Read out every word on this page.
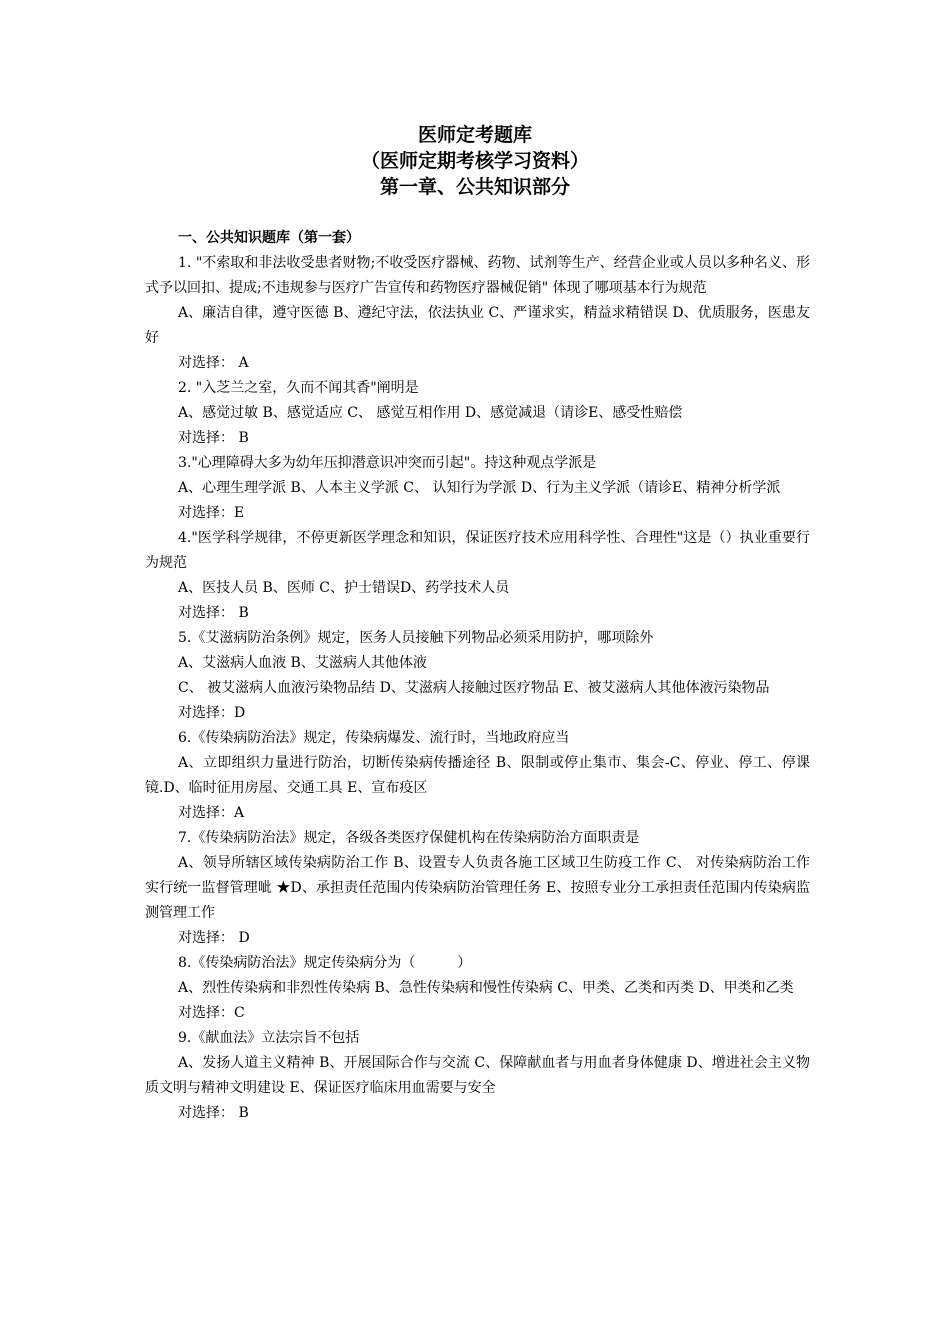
医师定考题库
（医师定期考核学习资料）
第一章、公共知识部分
一、公共知识题库（第一套）
1. "不索取和非法收受患者财物;不收受医疗器械、药物、试剂等生产、经营企业或人员以多种名义、形式予以回扣、提成;不违规参与医疗广告宣传和药物医疗器械促销" 体现了哪项基本行为规范
A、廉洁自律，遵守医德 B、遵纪守法，依法执业 C、严谨求实，精益求精错误 D、优质服务，医患友好
对选择： A
2. "入芝兰之室，久而不闻其香"阐明是
A、感觉过敏 B、感觉适应 C、 感觉互相作用 D、感觉减退（请诊E、感受性赔偿
对选择： B
3."心理障碍大多为幼年压抑潜意识冲突而引起"。持这种观点学派是
A、心理生理学派 B、人本主义学派 C、 认知行为学派 D、行为主义学派（请诊E、精神分析学派
对选择：E
4."医学科学规律，不停更新医学理念和知识，保证医疗技术应用科学性、合理性"这是（）执业重要行为规范
A、医技人员 B、医师 C、护士错误D、药学技术人员
对选择： B
5.《艾滋病防治条例》规定，医务人员接触下列物品必须采用防护，哪项除外
A、艾滋病人血液 B、艾滋病人其他体液
C、 被艾滋病人血液污染物品结 D、艾滋病人接触过医疗物品 E、被艾滋病人其他体液污染物品
对选择：D
6.《传染病防治法》规定，传染病爆发、流行时，当地政府应当
A、立即组织力量进行防治，切断传染病传播途径 B、限制或停止集市、集会-C、停业、停工、停课镜.D、临时征用房屋、交通工具 E、宣布疫区
对选择：A
7.《传染病防治法》规定，各级各类医疗保健机构在传染病防治方面职责是
A、领导所辖区域传染病防治工作 B、设置专人负责各施工区域卫生防疫工作 C、 对传染病防治工作实行统一监督管理呲 ★D、承担责任范围内传染病防治管理任务 E、按照专业分工承担责任范围内传染病监测管理工作
对选择： D
8.《传染病防治法》规定传染病分为（　　　）
A、烈性传染病和非烈性传染病 B、急性传染病和慢性传染病 C、甲类、乙类和丙类 D、甲类和乙类
对选择：C
9.《献血法》立法宗旨不包括
A、发扬人道主义精神 B、开展国际合作与交流 C、保障献血者与用血者身体健康 D、增进社会主义物质文明与精神文明建设 E、保证医疗临床用血需要与安全
对选择： B
